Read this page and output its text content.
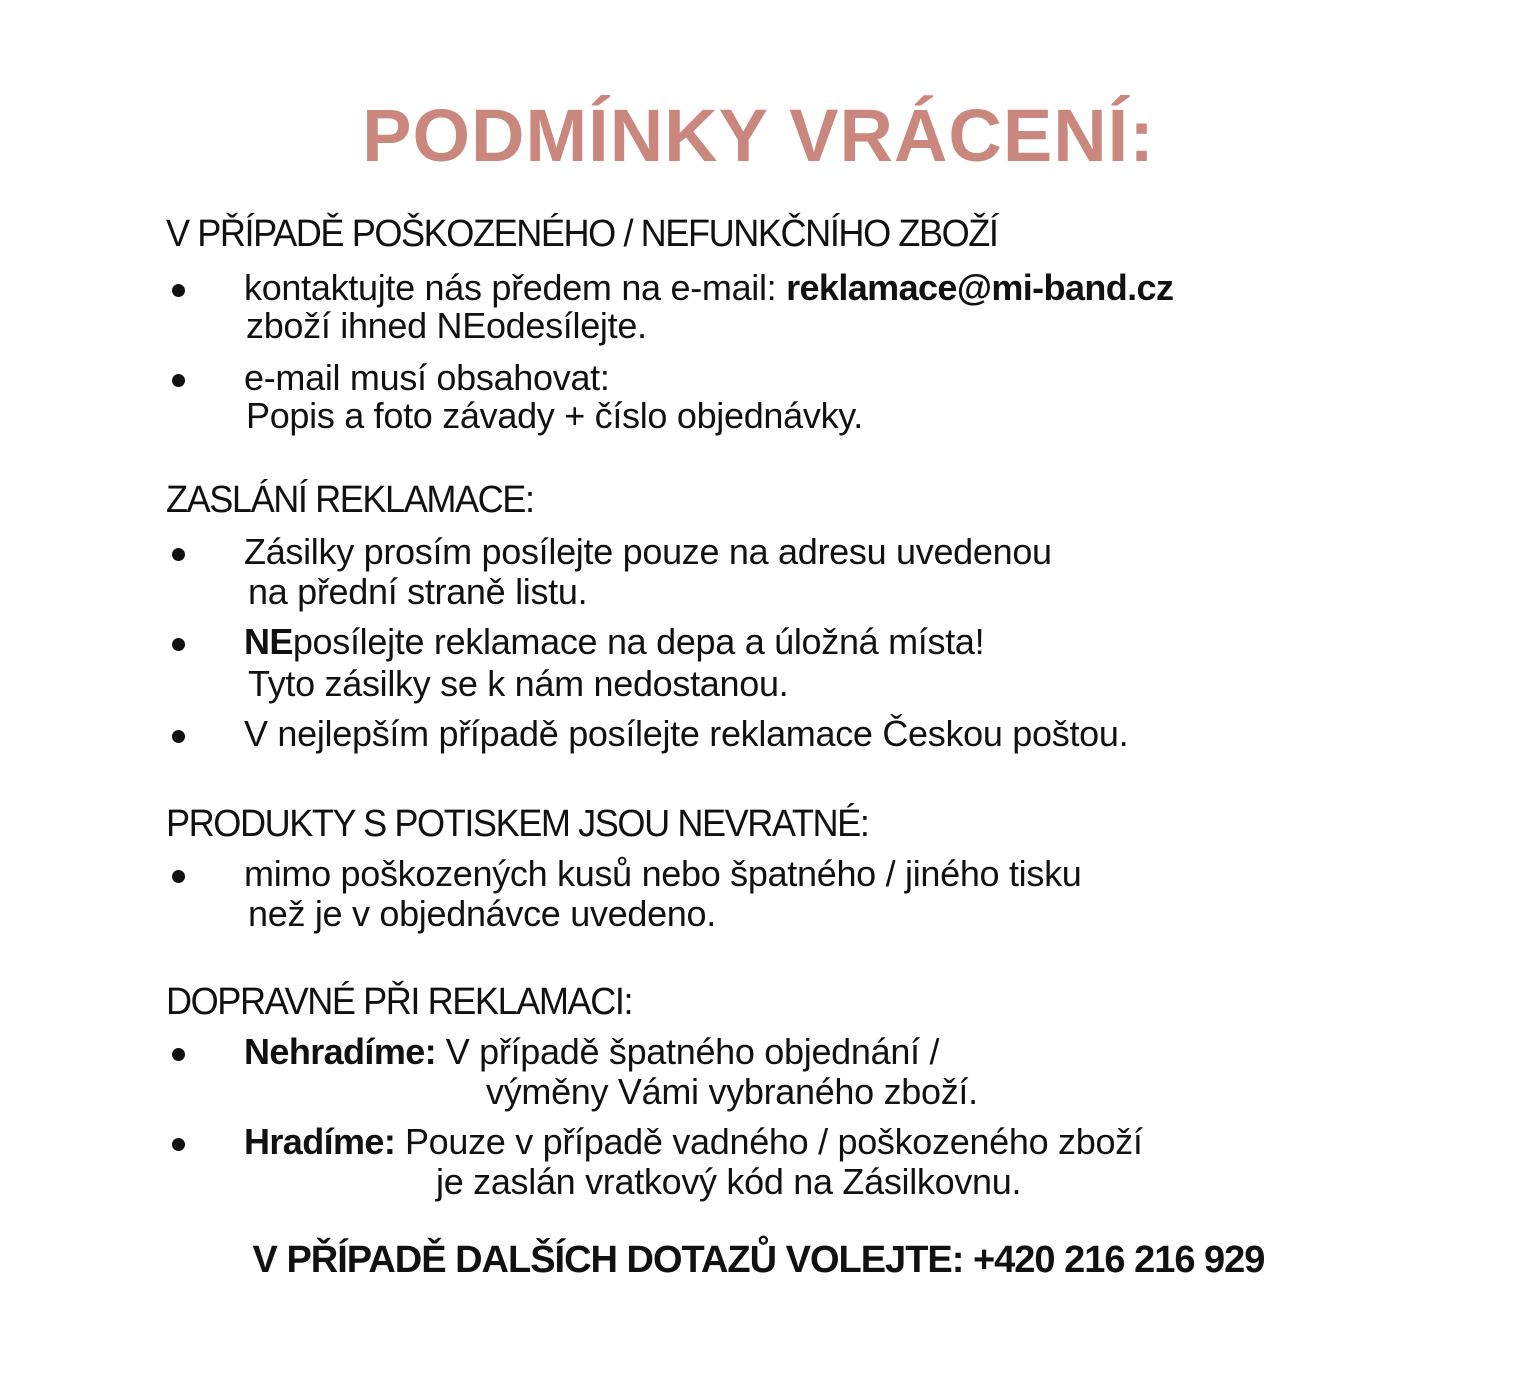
PODMÍNKY VRÁCENÍ:
V PŘÍPADĚ POŠKOZENÉHO / NEFUNKČNÍHO ZBOŽÍ
kontaktujte nás předem na e-mail: reklamace@mi-band.cz
zboží ihned NEodesílejte.
e-mail musí obsahovat:
Popis a foto závady + číslo objednávky.
ZASLÁNÍ REKLAMACE:
Zásilky prosím posílejte pouze na adresu uvedenou
na přední straně listu.
NEposílejte reklamace na depa a úložná místa!
Tyto zásilky se k nám nedostanou.
V nejlepším případě posílejte reklamace Českou poštou.
PRODUKTY S POTISKEM JSOU NEVRATNÉ:
mimo poškozených kusů nebo špatného / jiného tisku
než je v objednávce uvedeno.
DOPRAVNÉ PŘI REKLAMACI:
Nehradíme: V případě špatného objednání /
výměny Vámi vybraného zboží.
Hradíme: Pouze v případě vadného / poškozeného zboží
je zaslán vratkový kód na Zásilkovnu.
V PŘÍPADĚ DALŠÍCH DOTAZŮ VOLEJTE: +420 216 216 929
